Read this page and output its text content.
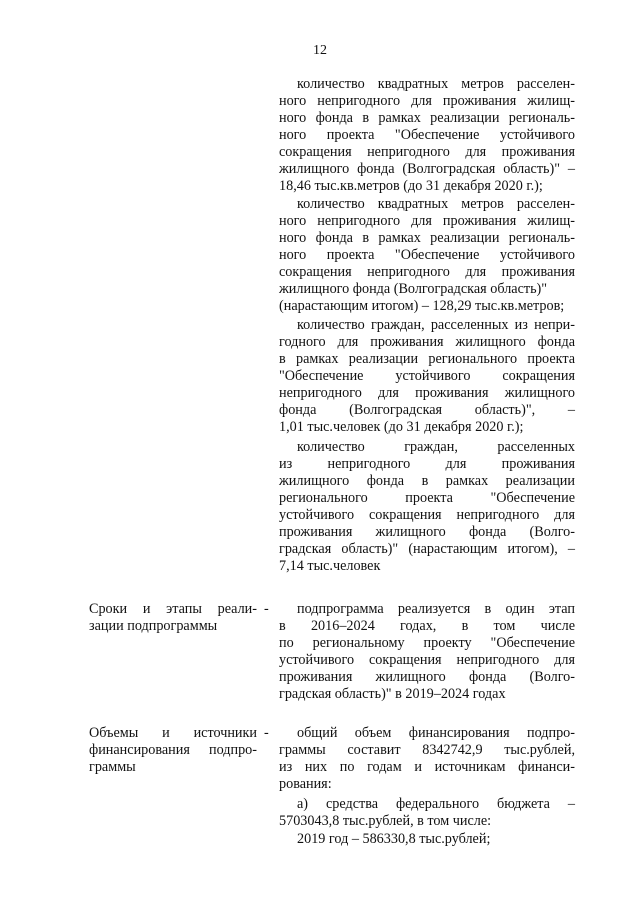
12

количество квадратных метров расселен-

ного непригодного для проживания жилищ-

ного фонда в рамках реализации региональ-

ного проекта "Обеспечение устойчивого

сокращения непригодного для проживания

жилищного фонда (Волгоградская область)" –

18,46 тыс.кв.метров (до 31 декабря 2020 г.);

количество квадратных метров расселен-

ного непригодного для проживания жилищ-

ного фонда в рамках реализации региональ-

ного проекта "Обеспечение устойчивого

сокращения непригодного для проживания

жилищного фонда (Волгоградская область)"

(нарастающим итогом) – 128,29 тыс.кв.метров;

количество граждан, расселенных из непри-

годного для проживания жилищного фонда

в рамках реализации регионального проекта

"Обеспечение устойчивого сокращения

непригодного для проживания жилищного

фонда (Волгоградская область)", –

1,01 тыс.человек (до 31 декабря 2020 г.);

количество граждан, расселенных

из непригодного для проживания

жилищного фонда в рамках реализации

регионального проекта "Обеспечение

устойчивого сокращения непригодного для

проживания жилищного фонда (Волго-

градская область)" (нарастающим итогом), –

7,14 тыс.человек

Сроки и этапы реали-

зации подпрограммы

- подпрограмма реализуется в один этап

в 2016–2024 годах, в том числе

по региональному проекту "Обеспечение

устойчивого сокращения непригодного для

проживания жилищного фонда (Волго-

градская область)" в 2019–2024 годах

Объемы и источники

финансирования подпро-

граммы

- общий объем финансирования подпро-

граммы составит 8342742,9 тыс.рублей,

из них по годам и источникам финанси-

рования:

а) средства федерального бюджета –

5703043,8 тыс.рублей, в том числе:

2019 год – 586330,8 тыс.рублей;
